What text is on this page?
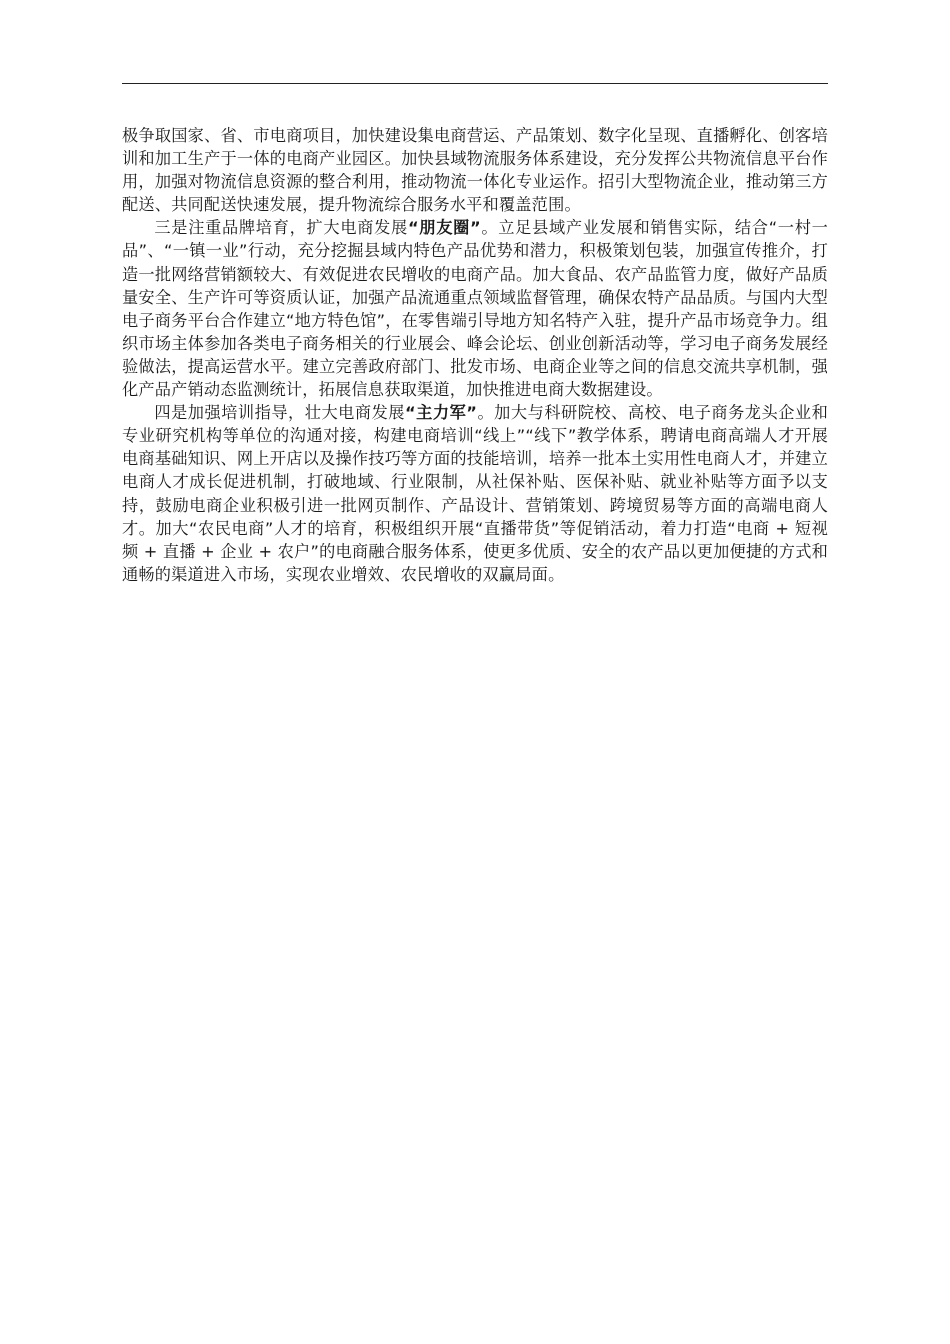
极争取国家、省、市电商项目，加快建设集电商营运、产品策划、数字化呈现、直播孵化、创客培训和加工生产于一体的电商产业园区。加快县域物流服务体系建设，充分发挥公共物流信息平台作用，加强对物流信息资源的整合利用，推动物流一体化专业运作。招引大型物流企业，推动第三方配送、共同配送快速发展，提升物流综合服务水平和覆盖范围。

三是注重品牌培育，扩大电商发展“朋友圈”。立足县域产业发展和销售实际，结合“一村一品”、“一镇一业”行动，充分挖掘县域内特色产品优势和潜力，积极策划包装，加强宣传推介，打造一批网络营销额较大、有效促进农民增收的电商产品。加大食品、农产品监管力度，做好产品质量安全、生产许可等资质认证，加强产品流通重点领域监督管理，确保农特产品品质。与国内大型电子商务平台合作建立“地方特色馆”，在零售端引导地方知名特产入驻，提升产品市场竞争力。组织市场主体参加各类电子商务相关的行业展会、峰会论坛、创业创新活动等，学习电子商务发展经验做法，提高运营水平。建立完善政府部门、批发市场、电商企业等之间的信息交流共享机制，强化产品产销动态监测统计，拓展信息获取渠道，加快推进电商大数据建设。

四是加强培训指导，壮大电商发展“主力军”。加大与科研院校、高校、电子商务龙头企业和专业研究机构等单位的沟通对接，构建电商培训“线上”“线下”教学体系，聘请电商高端人才开展电商基础知识、网上开店以及操作技巧等方面的技能培训，培养一批本土实用性电商人才，并建立电商人才成长促进机制，打破地域、行业限制，从社保补贴、医保补贴、就业补贴等方面予以支持，鼓励电商企业积极引进一批网页制作、产品设计、营销策划、跨境贸易等方面的高端电商人才。加大“农民电商”人才的培育，积极组织开展“直播带货”等促销活动，着力打造“电商 + 短视频 + 直播 + 企业 + 农户”的电商融合服务体系，使更多优质、安全的农产品以更加便捷的方式和通畅的渠道进入市场，实现农业增效、农民增收的双赢局面。
